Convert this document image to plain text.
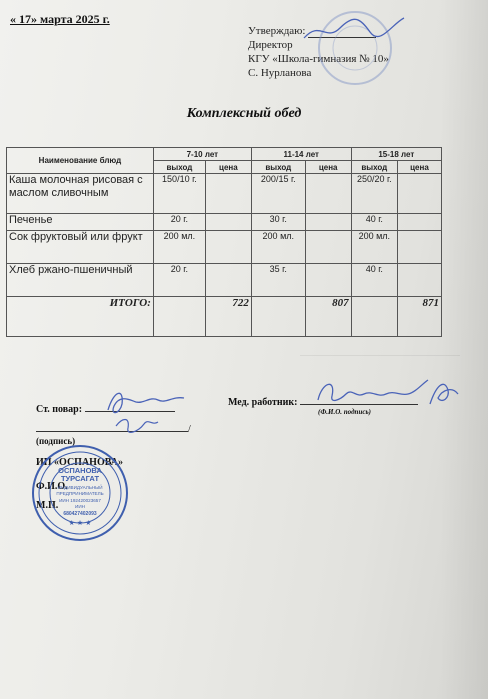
« 17» марта 2025 г.
Утверждаю:
Директор
КГУ «Школа-гимназия № 10»
С. Нурланова
Комплексный обед
Наименование блюд	7-10 лет		11-14 лет		15-18 лет	
	выход	цена	выход	цена	выход	цена
Каша молочная рисовая с маслом сливочным	150/10 г.		200/15 г.		250/20 г.	
Печенье	20 г.		30 г.		40 г.	
Сок фруктовый или фрукт	200 мл.		200 мл.		200 мл.	
Хлеб ржано-пшеничный	20 г.		35 г.		40 г.	
ИТОГО:		722		807		871
Ст. повар:
/
(подпись)
Мед. работник:
(Ф.И.О. подпись)
ИП «ОСПАНОВА»
Ф.И.О.
М.П.
ОСПАНОВА
ТУРСАГАТ
ИНДИВИДУАЛЬНЫЙ
ПРЕДПРИНИМАТЕЛЬ
ИИН 192420023657
ИИН
680427402093
★ ★ ★
